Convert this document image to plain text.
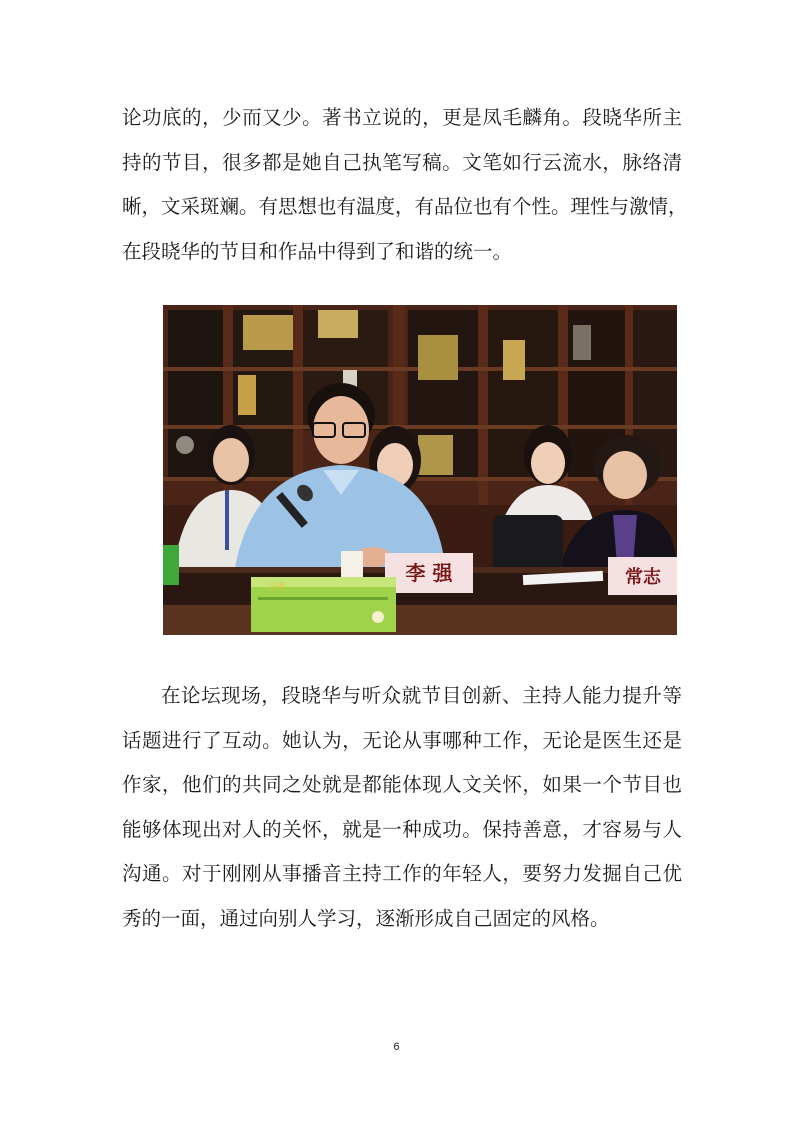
论功底的，少而又少。著书立说的，更是凤毛麟角。段晓华所主
持的节目，很多都是她自己执笔写稿。文笔如行云流水，脉络清
晰，文采斑斓。有思想也有温度，有品位也有个性。理性与激情，
在段晓华的节目和作品中得到了和谐的统一。
李 强	常志
洁柔
在论坛现场，段晓华与听众就节目创新、主持人能力提升等
话题进行了互动。她认为，无论从事哪种工作，无论是医生还是
作家，他们的共同之处就是都能体现人文关怀，如果一个节目也
能够体现出对人的关怀，就是一种成功。保持善意，才容易与人
沟通。对于刚刚从事播音主持工作的年轻人，要努力发掘自己优
秀的一面，通过向别人学习，逐渐形成自己固定的风格。
6
